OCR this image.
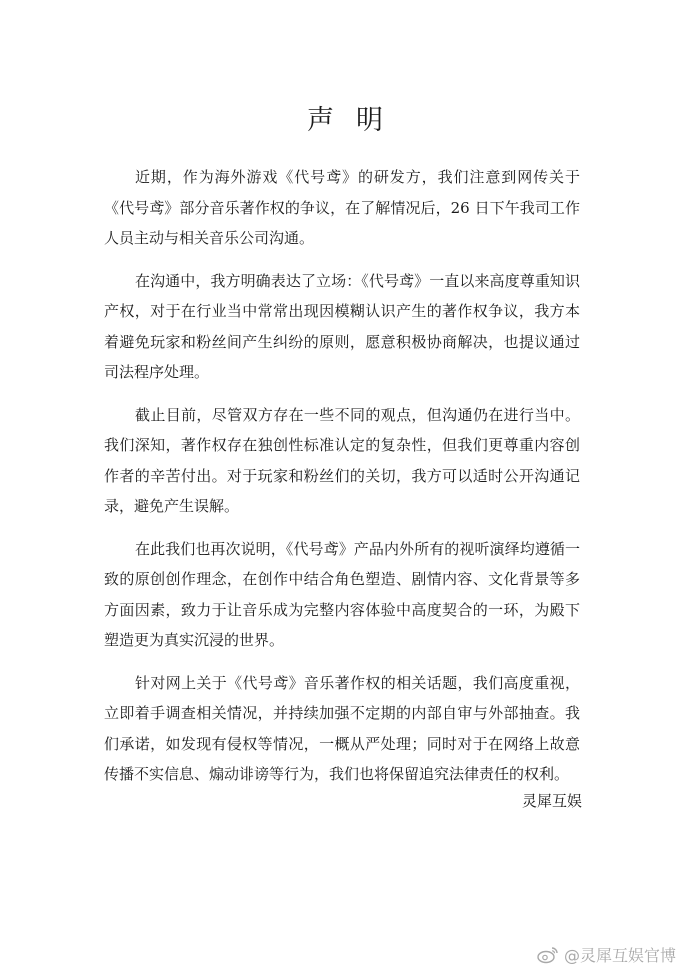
声明

近期，作为海外游戏《代号鸢》的研发方，我们注意到网传关于《代号鸢》部分音乐著作权的争议，在了解情况后，26 日下午我司工作人员主动与相关音乐公司沟通。

在沟通中，我方明确表达了立场：《代号鸢》一直以来高度尊重知识产权，对于在行业当中常常出现因模糊认识产生的著作权争议，我方本着避免玩家和粉丝间产生纠纷的原则，愿意积极协商解决，也提议通过司法程序处理。

截止目前，尽管双方存在一些不同的观点，但沟通仍在进行当中。我们深知，著作权存在独创性标准认定的复杂性，但我们更尊重内容创作者的辛苦付出。对于玩家和粉丝们的关切，我方可以适时公开沟通记录，避免产生误解。

在此我们也再次说明，《代号鸢》产品内外所有的视听演绎均遵循一致的原创创作理念，在创作中结合角色塑造、剧情内容、文化背景等多方面因素，致力于让音乐成为完整内容体验中高度契合的一环，为殿下塑造更为真实沉浸的世界。

针对网上关于《代号鸢》音乐著作权的相关话题，我们高度重视，立即着手调查相关情况，并持续加强不定期的内部自审与外部抽查。我们承诺，如发现有侵权等情况，一概从严处理；同时对于在网络上故意传播不实信息、煽动诽谤等行为，我们也将保留追究法律责任的权利。

灵犀互娱

@灵犀互娱官博
